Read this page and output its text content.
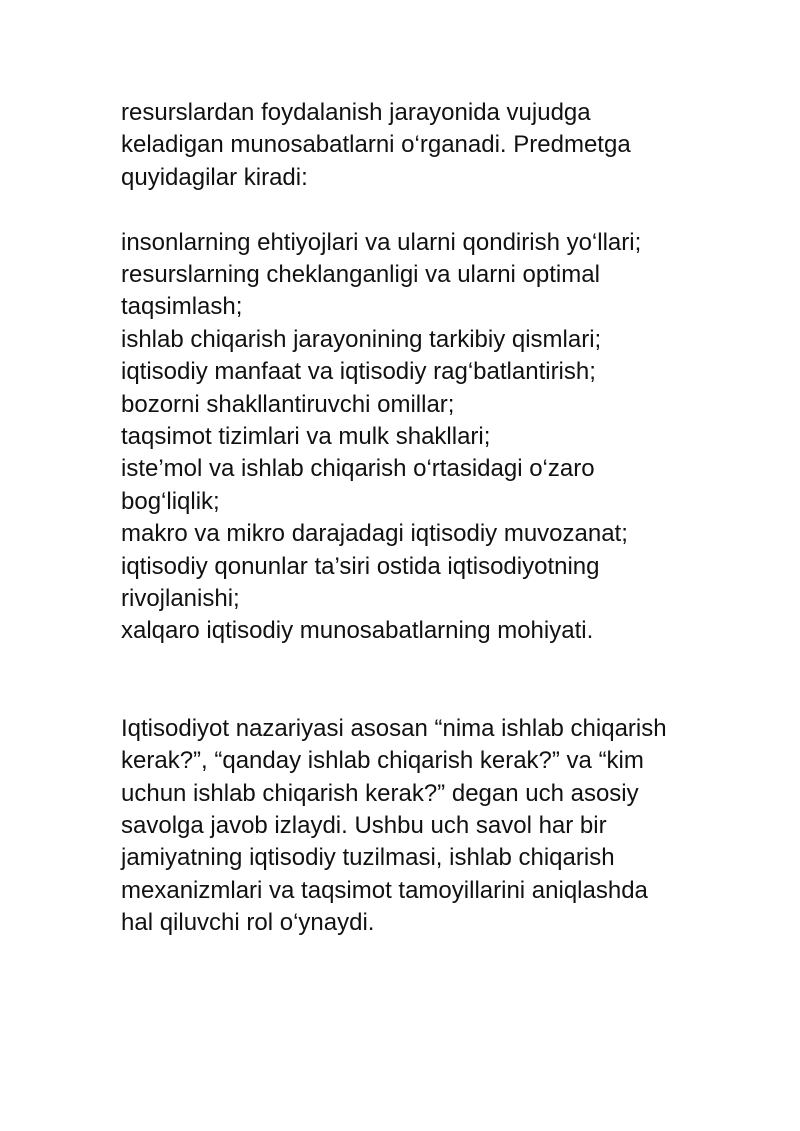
resurslardan foydalanish jarayonida vujudga
keladigan munosabatlarni o‘rganadi. Predmetga
quyidagilar kiradi:

insonlarning ehtiyojlari va ularni qondirish yo‘llari;
resurslarning cheklanganligi va ularni optimal
taqsimlash;
ishlab chiqarish jarayonining tarkibiy qismlari;
iqtisodiy manfaat va iqtisodiy rag‘batlantirish;
bozorni shakllantiruvchi omillar;
taqsimot tizimlari va mulk shakllari;
iste’mol va ishlab chiqarish o‘rtasidagi o‘zaro
bog‘liqlik;
makro va mikro darajadagi iqtisodiy muvozanat;
iqtisodiy qonunlar ta’siri ostida iqtisodiyotning
rivojlanishi;
xalqaro iqtisodiy munosabatlarning mohiyati.

Iqtisodiyot nazariyasi asosan “nima ishlab chiqarish
kerak?”, “qanday ishlab chiqarish kerak?” va “kim
uchun ishlab chiqarish kerak?” degan uch asosiy
savolga javob izlaydi. Ushbu uch savol har bir
jamiyatning iqtisodiy tuzilmasi, ishlab chiqarish
mexanizmlari va taqsimot tamoyillarini aniqlashda
hal qiluvchi rol o‘ynaydi.
